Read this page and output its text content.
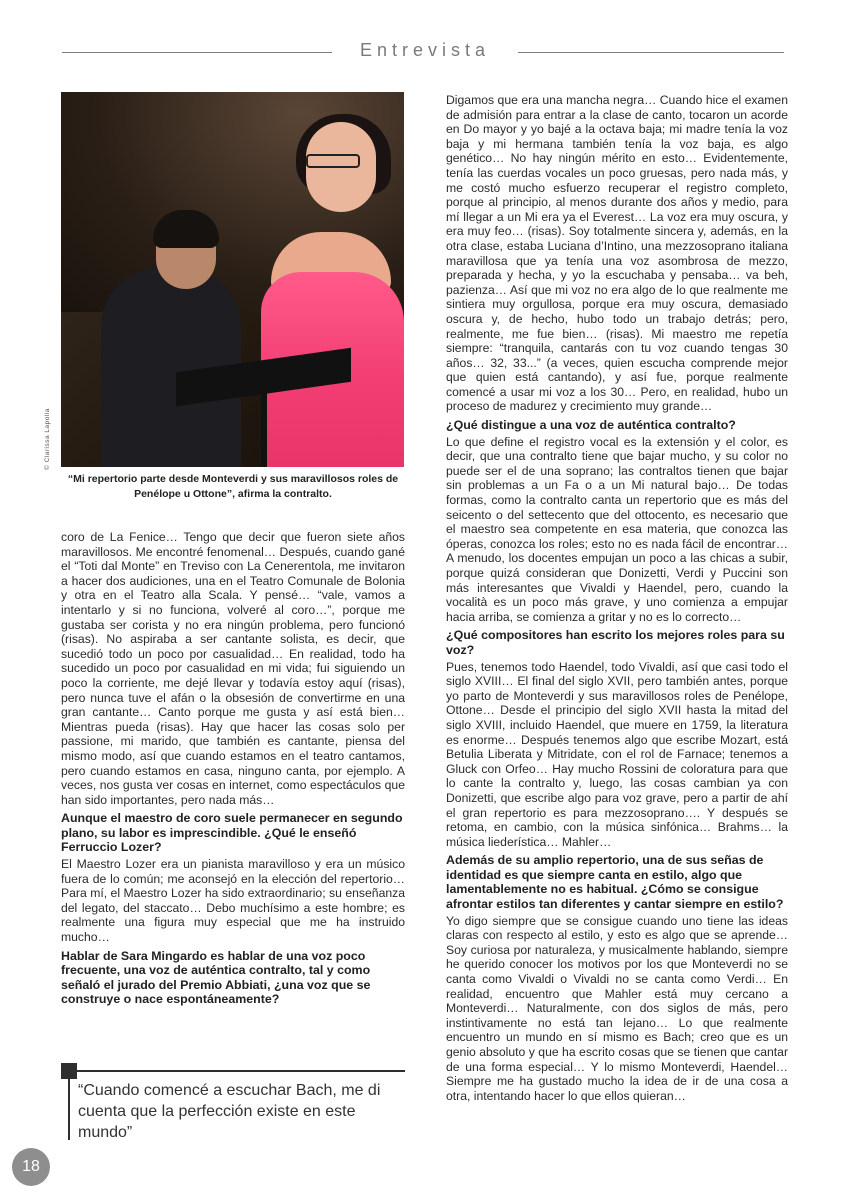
Entrevista
© Clarissa Lapolla
“Mi repertorio parte desde Monteverdi y sus maravillosos roles de Penélope u Ottone”, afirma la contralto.

coro de La Fenice… Tengo que decir que fueron siete años maravillosos. Me encontré fenomenal… Después, cuando gané el “Toti dal Monte” en Treviso con La Cenerentola, me invitaron a hacer dos audiciones, una en el Teatro Comunale de Bolonia y otra en el Teatro alla Scala. Y pensé… “vale, vamos a intentarlo y si no funciona, volveré al coro…”, porque me gustaba ser corista y no era ningún problema, pero funcionó (risas). No aspiraba a ser cantante solista, es decir, que sucedió todo un poco por casualidad… En realidad, todo ha sucedido un poco por casualidad en mi vida; fui siguiendo un poco la corriente, me dejé llevar y todavía estoy aquí (risas), pero nunca tuve el afán o la obsesión de convertirme en una gran cantante… Canto porque me gusta y así está bien… Mientras pueda (risas). Hay que hacer las cosas solo per passione, mi marido, que también es cantante, piensa del mismo modo, así que cuando estamos en el teatro cantamos, pero cuando estamos en casa, ninguno canta, por ejemplo. A veces, nos gusta ver cosas en internet, como espectáculos que han sido importantes, pero nada más…

Aunque el maestro de coro suele permanecer en segundo plano, su labor es imprescindible. ¿Qué le enseñó Ferruccio Lozer?

El Maestro Lozer era un pianista maravilloso y era un músico fuera de lo común; me aconsejó en la elección del repertorio… Para mí, el Maestro Lozer ha sido extraordinario; su enseñanza del legato, del staccato… Debo muchísimo a este hombre; es realmente una figura muy especial que me ha instruido mucho…

Hablar de Sara Mingardo es hablar de una voz poco frecuente, una voz de auténtica contralto, tal y como señaló el jurado del Premio Abbiati, ¿una voz que se construye o nace espontáneamente?
“Cuando comencé a escuchar Bach, me di cuenta que la perfección existe en este mundo”

Digamos que era una mancha negra… Cuando hice el examen de admisión para entrar a la clase de canto, tocaron un acorde en Do mayor y yo bajé a la octava baja; mi madre tenía la voz baja y mi hermana también tenía la voz baja, es algo genético… No hay ningún mérito en esto… Evidentemente, tenía las cuerdas vocales un poco gruesas, pero nada más, y me costó mucho esfuerzo recuperar el registro completo, porque al principio, al menos durante dos años y medio, para mí llegar a un Mi era ya el Everest… La voz era muy oscura, y era muy feo… (risas). Soy totalmente sincera y, además, en la otra clase, estaba Luciana d’Intino, una mezzosoprano italiana maravillosa que ya tenía una voz asombrosa de mezzo, preparada y hecha, y yo la escuchaba y pensaba… va beh, pazienza… Así que mi voz no era algo de lo que realmente me sintiera muy orgullosa, porque era muy oscura, demasiado oscura y, de hecho, hubo todo un trabajo detrás; pero, realmente, me fue bien… (risas). Mi maestro me repetía siempre: “tranquila, cantarás con tu voz cuando tengas 30 años… 32, 33...” (a veces, quien escucha comprende mejor que quien está cantando), y así fue, porque realmente comencé a usar mi voz a los 30… Pero, en realidad, hubo un proceso de madurez y crecimiento muy grande…

¿Qué distingue a una voz de auténtica contralto?

Lo que define el registro vocal es la extensión y el color, es decir, que una contralto tiene que bajar mucho, y su color no puede ser el de una soprano; las contraltos tienen que bajar sin problemas a un Fa o a un Mi natural bajo… De todas formas, como la contralto canta un repertorio que es más del seicento o del settecento que del ottocento, es necesario que el maestro sea competente en esa materia, que conozca las óperas, conozca los roles; esto no es nada fácil de encontrar… A menudo, los docentes empujan un poco a las chicas a subir, porque quizá consideran que Donizetti, Verdi y Puccini son más interesantes que Vivaldi y Haendel, pero, cuando la vocalità es un poco más grave, y uno comienza a empujar hacia arriba, se comienza a gritar y no es lo correcto…

¿Qué compositores han escrito los mejores roles para su voz?

Pues, tenemos todo Haendel, todo Vivaldi, así que casi todo el siglo XVIII… El final del siglo XVII, pero también antes, porque yo parto de Monteverdi y sus maravillosos roles de Penélope, Ottone… Desde el principio del siglo XVII hasta la mitad del siglo XVIII, incluido Haendel, que muere en 1759, la literatura es enorme… Después tenemos algo que escribe Mozart, está Betulia Liberata y Mitridate, con el rol de Farnace; tenemos a Gluck con Orfeo… Hay mucho Rossini de coloratura para que lo cante la contralto y, luego, las cosas cambian ya con Donizetti, que escribe algo para voz grave, pero a partir de ahí el gran repertorio es para mezzosoprano…. Y después se retoma, en cambio, con la música sinfónica… Brahms… la música liederística… Mahler…

Además de su amplio repertorio, una de sus señas de identidad es que siempre canta en estilo, algo que lamentablemente no es habitual. ¿Cómo se consigue afrontar estilos tan diferentes y cantar siempre en estilo?

Yo digo siempre que se consigue cuando uno tiene las ideas claras con respecto al estilo, y esto es algo que se aprende… Soy curiosa por naturaleza, y musicalmente hablando, siempre he querido conocer los motivos por los que Monteverdi no se canta como Vivaldi o Vivaldi no se canta como Verdi… En realidad, encuentro que Mahler está muy cercano a Monteverdi… Naturalmente, con dos siglos de más, pero instintivamente no está tan lejano… Lo que realmente encuentro un mundo en sí mismo es Bach; creo que es un genio absoluto y que ha escrito cosas que se tienen que cantar de una forma especial… Y lo mismo Monteverdi, Haendel… Siempre me ha gustado mucho la idea de ir de una cosa a otra, intentando hacer lo que ellos quieran…

18
